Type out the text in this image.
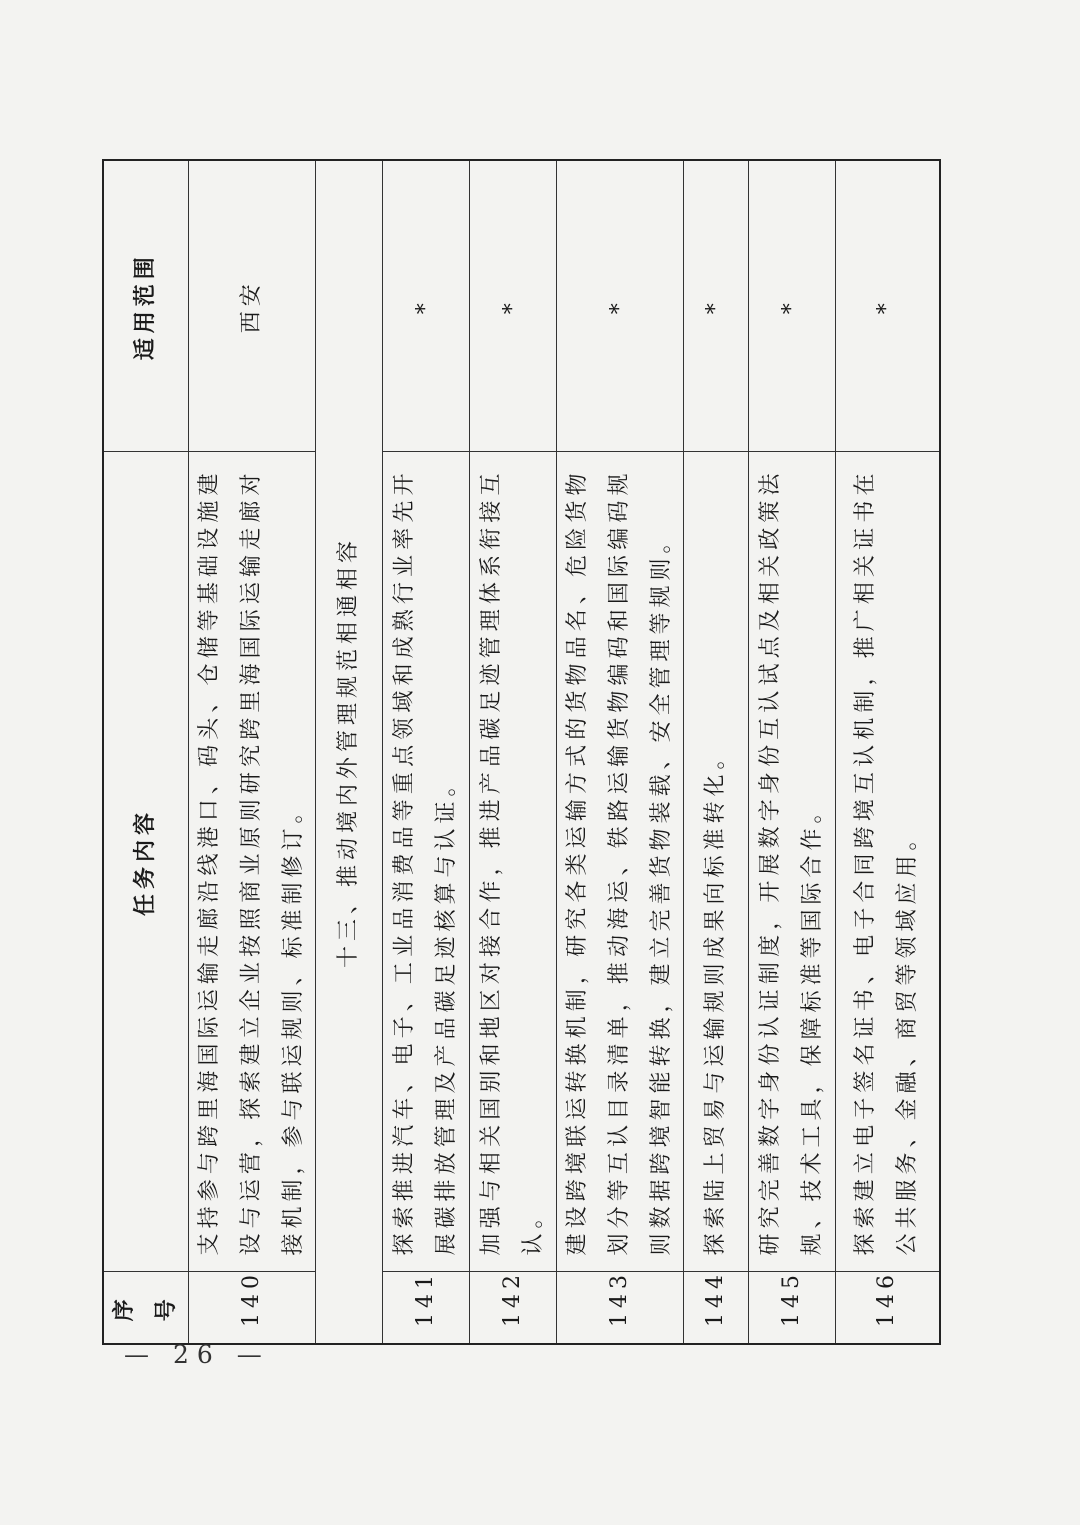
序号	任务内容	适用范围
140	支持参与跨里海国际运输走廊沿线港口、码头、仓储等基础设施建设与运营，探索建立企业按照商业原则研究跨里海国际运输走廊对接机制，参与联运规则、标准制修订。	西安
十三、推动境内外管理规范相通相容		
141	探索推进汽车、电子、工业品消费品等重点领域和成熟行业率先开展碳排放管理及产品碳足迹核算与认证。	*
142	加强与相关国别和地区对接合作，推进产品碳足迹管理体系衔接互认。	*
143	建设跨境联运转换机制，研究各类运输方式的货物品名、危险货物划分等互认目录清单，推动海运、铁路运输货物编码和国际编码规则数据跨境智能转换，建立完善货物装载、安全管理等规则。	*
144	探索陆上贸易与运输规则成果向标准转化。	*
145	研究完善数字身份认证制度，开展数字身份互认试点及相关政策法规、技术工具，保障标准等国际合作。	*
146	探索建立电子签名证书、电子合同跨境互认机制，推广相关证书在公共服务、金融、商贸等领域应用。	*
— 26 —
